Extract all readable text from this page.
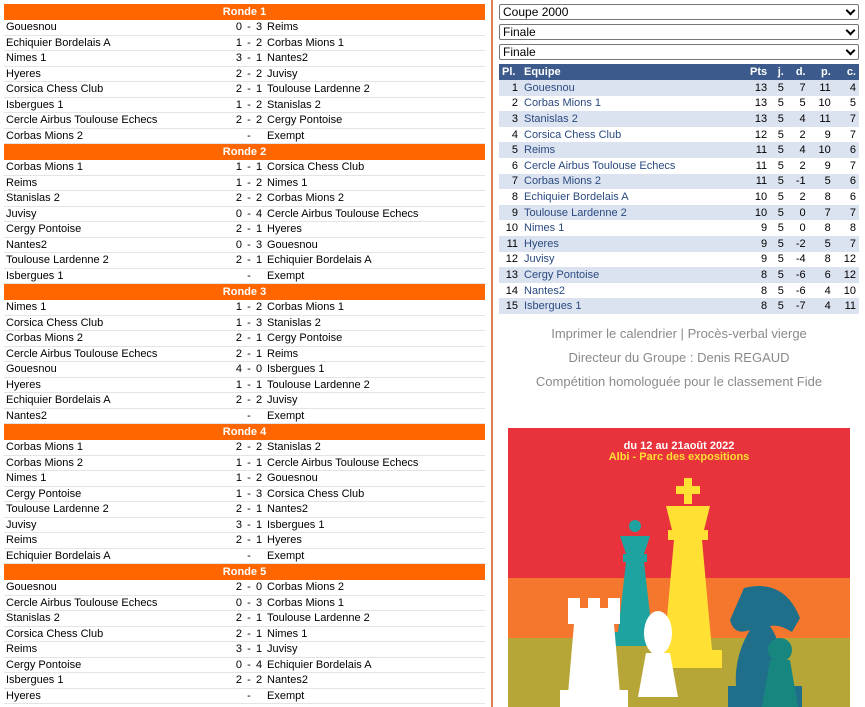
Ronde 1
Gouesnou	0 - 3 Reims
Echiquier Bordelais A	1 - 2 Corbas Mions 1
Nimes 1	3 - 1 Nantes2
Hyeres	2 - 2 Juvisy
Corsica Chess Club	2 - 1 Toulouse Lardenne 2
Isbergues 1	1 - 2 Stanislas 2
Cercle Airbus Toulouse Echecs	2 - 2 Cergy Pontoise
Corbas Mions 2	-	Exempt
Ronde 2
Corbas Mions 1	1 - 1 Corsica Chess Club
Reims	1 - 2 Nimes 1
Stanislas 2	2 - 2 Corbas Mions 2
Juvisy	0 - 4 Cercle Airbus Toulouse Echecs
Cergy Pontoise	2 - 1 Hyeres
Nantes2	0 - 3 Gouesnou
Toulouse Lardenne 2	2 - 1 Echiquier Bordelais A
Isbergues 1	-	Exempt
Ronde 3
Nimes 1	1 - 2 Corbas Mions 1
Corsica Chess Club	1 - 3 Stanislas 2
Corbas Mions 2	2 - 1 Cergy Pontoise
Cercle Airbus Toulouse Echecs	2 - 1 Reims
Gouesnou	4 - 0 Isbergues 1
Hyeres	1 - 1 Toulouse Lardenne 2
Echiquier Bordelais A	2 - 2 Juvisy
Nantes2	-	Exempt
Ronde 4
Corbas Mions 1	2 - 2 Stanislas 2
Corbas Mions 2	1 - 1 Cercle Airbus Toulouse Echecs
Nimes 1	1 - 2 Gouesnou
Cergy Pontoise	1 - 3 Corsica Chess Club
Toulouse Lardenne 2	2 - 1 Nantes2
Juvisy	3 - 1 Isbergues 1
Reims	2 - 1 Hyeres
Echiquier Bordelais A	-	Exempt
Ronde 5
Gouesnou	2 - 0 Corbas Mions 2
Cercle Airbus Toulouse Echecs	0 - 3 Corbas Mions 1
Stanislas 2	2 - 1 Toulouse Lardenne 2
Corsica Chess Club	2 - 1 Nimes 1
Reims	3 - 1 Juvisy
Cergy Pontoise	0 - 4 Echiquier Bordelais A
Isbergues 1	2 - 2 Nantes2
Hyeres	-	Exempt
Coupe 2000
Finale
Finale
Pl.	Equipe	Pts	j.	d.	p.	c.
1	Gouesnou	13	5	7	11	4
2	Corbas Mions 1	13	5	5	10	5
3	Stanislas 2	13	5	4	11	7
4	Corsica Chess Club	12	5	2	9	7
5	Reims	11	5	4	10	6
6	Cercle Airbus Toulouse Echecs	11	5	2	9	7
7	Corbas Mions 2	11	5	-1	5	6
8	Echiquier Bordelais A	10	5	2	8	6
9	Toulouse Lardenne 2	10	5	0	7	7
10	Nimes 1	9	5	0	8	8
11	Hyeres	9	5	-2	5	7
12	Juvisy	9	5	-4	8	12
13	Cergy Pontoise	8	5	-6	6	12
14	Nantes2	8	5	-6	4	10
15	Isbergues 1	8	5	-7	4	11
Imprimer le calendrier | Procès-verbal vierge
Directeur du Groupe : Denis REGAUD
Compétition homologuée pour le classement Fide
du 12 au 21août 2022
Albi - Parc des expositions
